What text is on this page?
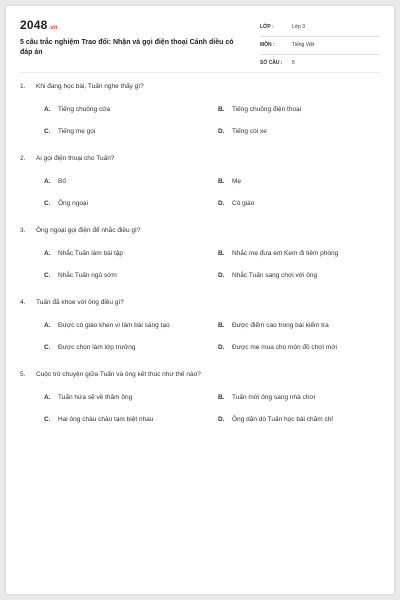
2048.vn
5 câu trắc nghiệm Trao đổi: Nhận và gọi điện thoại Cánh diều có đáp án
LỚP :	Lớp 3
MÔN :	Tiếng Việt
SỐ CÂU : 5
1. Khi đang học bài, Tuấn nghe thấy gì?
A. Tiếng chuông cửa	B. Tiếng chuông điện thoại
C. Tiếng mẹ gọi	D. Tiếng còi xe
2. Ai gọi điện thoại cho Tuấn?
A. Bố	B. Mẹ
C. Ông ngoại	D. Cô giáo
3. Ông ngoại gọi điện để nhắc điều gì?
A. Nhắc Tuấn làm bài tập	B. Nhắc mẹ đưa em Kem đi tiêm phòng
C. Nhắc Tuấn ngủ sớm	D. Nhắc Tuấn sang chơi với ông
4. Tuấn đã khoe với ông điều gì?
A. Được cô giáo khen vì làm bài sáng tạo	B. Được điểm cao trong bài kiểm tra
C. Được chọn làm lớp trưởng	D. Được mẹ mua cho món đồ chơi mới
5. Cuộc trò chuyện giữa Tuấn và ông kết thúc như thế nào?
A. Tuấn hứa sẽ về thăm ông	B. Tuấn mời ông sang nhà chơi
C. Hai ông cháu chào tạm biệt nhau	D. Ông dặn dò Tuấn học bài chăm chỉ
